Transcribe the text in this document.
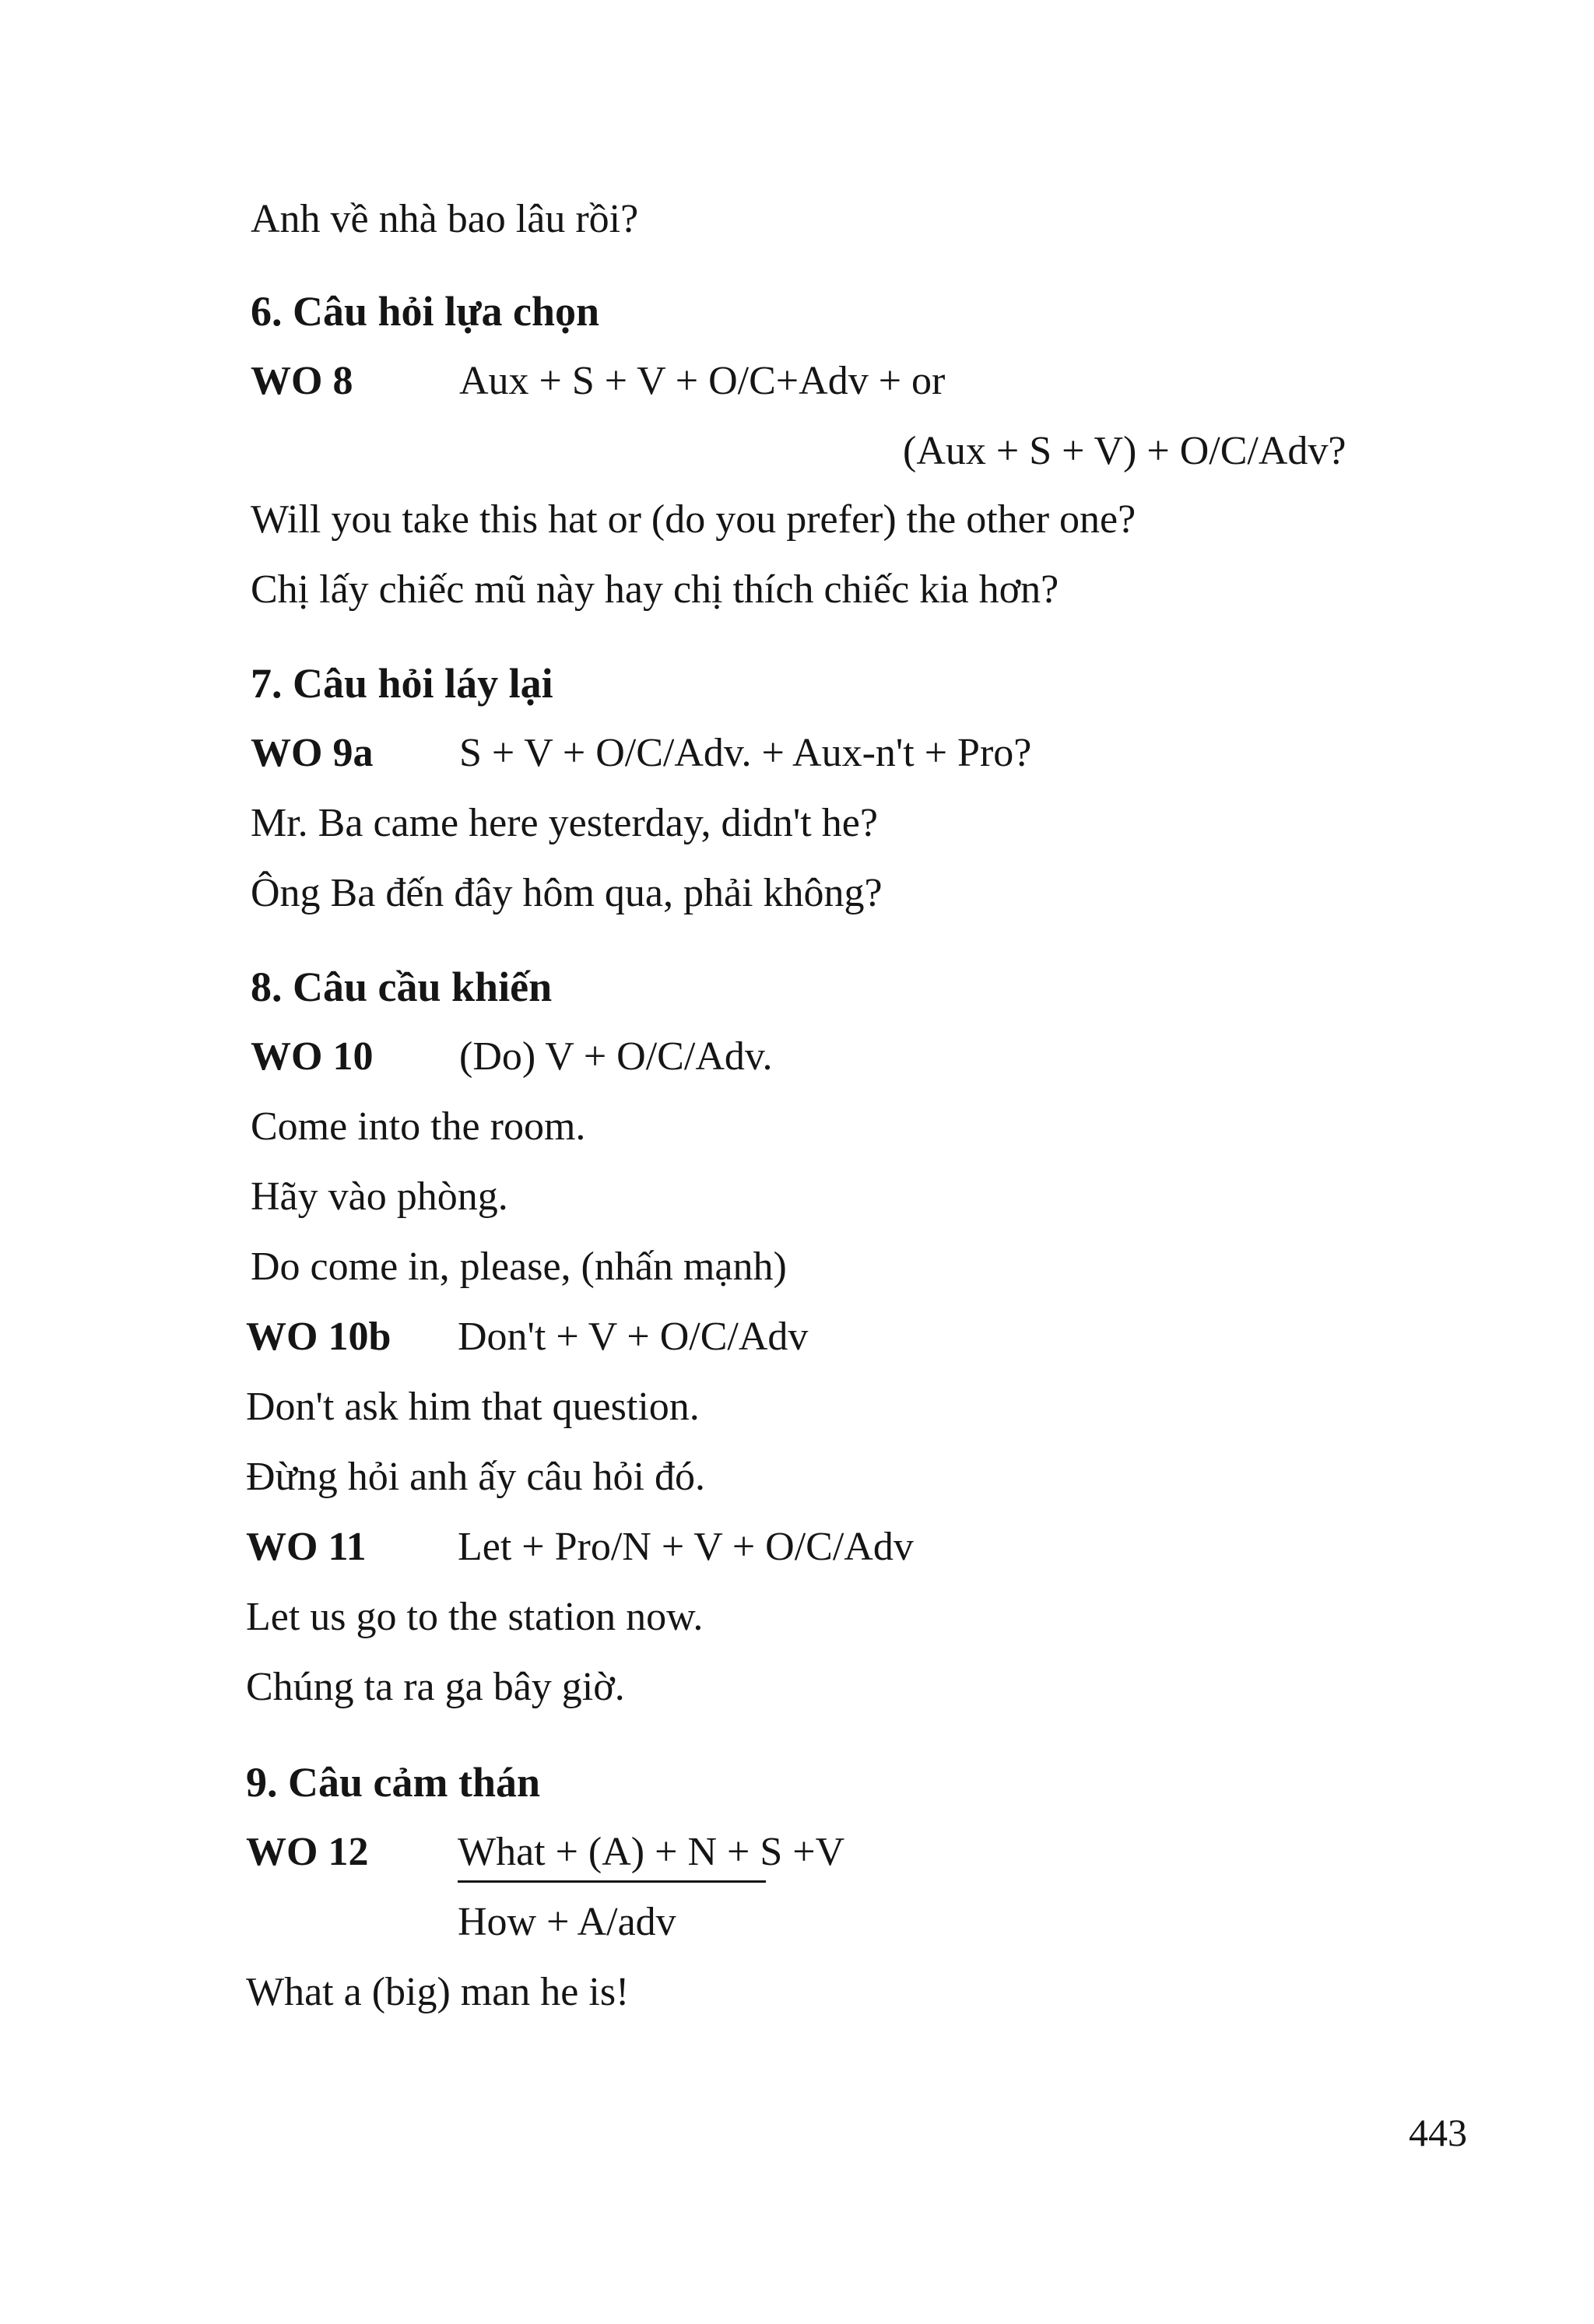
Anh về nhà bao lâu rồi?
6. Câu hỏi lựa chọn
WO 8	Aux + S + V + O/C+Adv + or
(Aux + S + V) + O/C/Adv?
Will you take this hat or (do you prefer) the other one?
Chị lấy chiếc mũ này hay chị thích chiếc kia hơn?
7. Câu hỏi láy lại
WO 9a S + V + O/C/Adv. + Aux-n't + Pro?
Mr. Ba came here yesterday, didn't he?
Ông Ba đến đây hôm qua, phải không?
8. Câu cầu khiến
WO 10 (Do) V + O/C/Adv.
Come into the room.
Hãy vào phòng.
Do come in, please, (nhấn mạnh)
WO 10b Don't + V + O/C/Adv
Don't ask him that question.
Đừng hỏi anh ấy câu hỏi đó.
WO 11 Let + Pro/N + V + O/C/Adv
Let us go to the station now.
Chúng ta ra ga bây giờ.
9. Câu cảm thán
WO 12 What + (A) + N + S +V
How + A/adv
What a (big) man he is!
443
